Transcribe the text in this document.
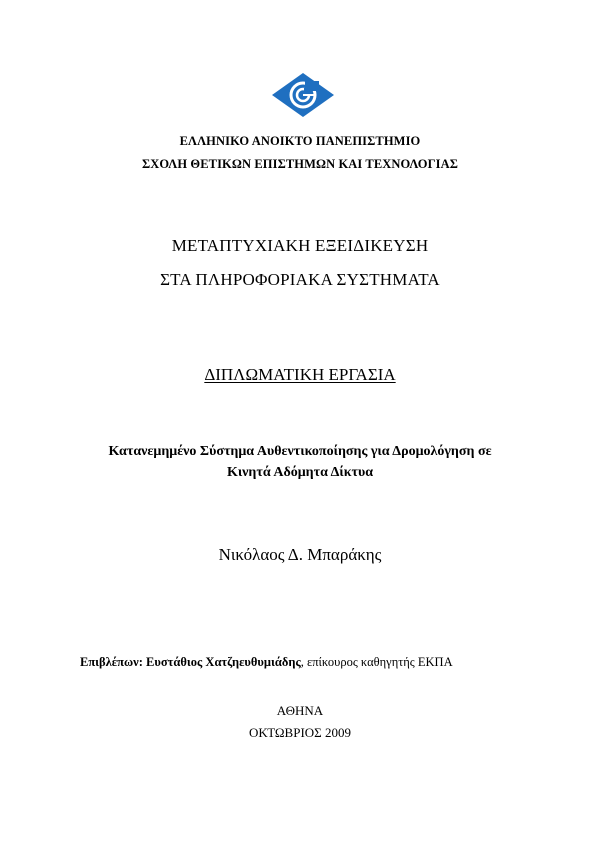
ΕΛΛΗΝΙΚΟ ΑΝΟΙΚΤΟ ΠΑΝΕΠΙΣΤΗΜΙΟ
ΣΧΟΛΗ ΘΕΤΙΚΩΝ ΕΠΙΣΤΗΜΩΝ ΚΑΙ ΤΕΧΝΟΛΟΓΙΑΣ
ΜΕΤΑΠΤΥΧΙΑΚΗ ΕΞΕΙΔΙΚΕΥΣΗ
ΣΤΑ ΠΛΗΡΟΦΟΡΙΑΚΑ ΣΥΣΤΗΜΑΤΑ
ΔΙΠΛΩΜΑΤΙΚΗ ΕΡΓΑΣΙΑ
Κατανεμημένο Σύστημα Αυθεντικοποίησης για Δρομολόγηση σε
Κινητά Αδόμητα Δίκτυα
Νικόλαος Δ. Μπαράκης
Επιβλέπων: Ευστάθιος Χατζηευθυμιάδης, επίκουρος καθηγητής ΕΚΠΑ
ΑΘΗΝΑ
ΟΚΤΩΒΡΙΟΣ 2009
